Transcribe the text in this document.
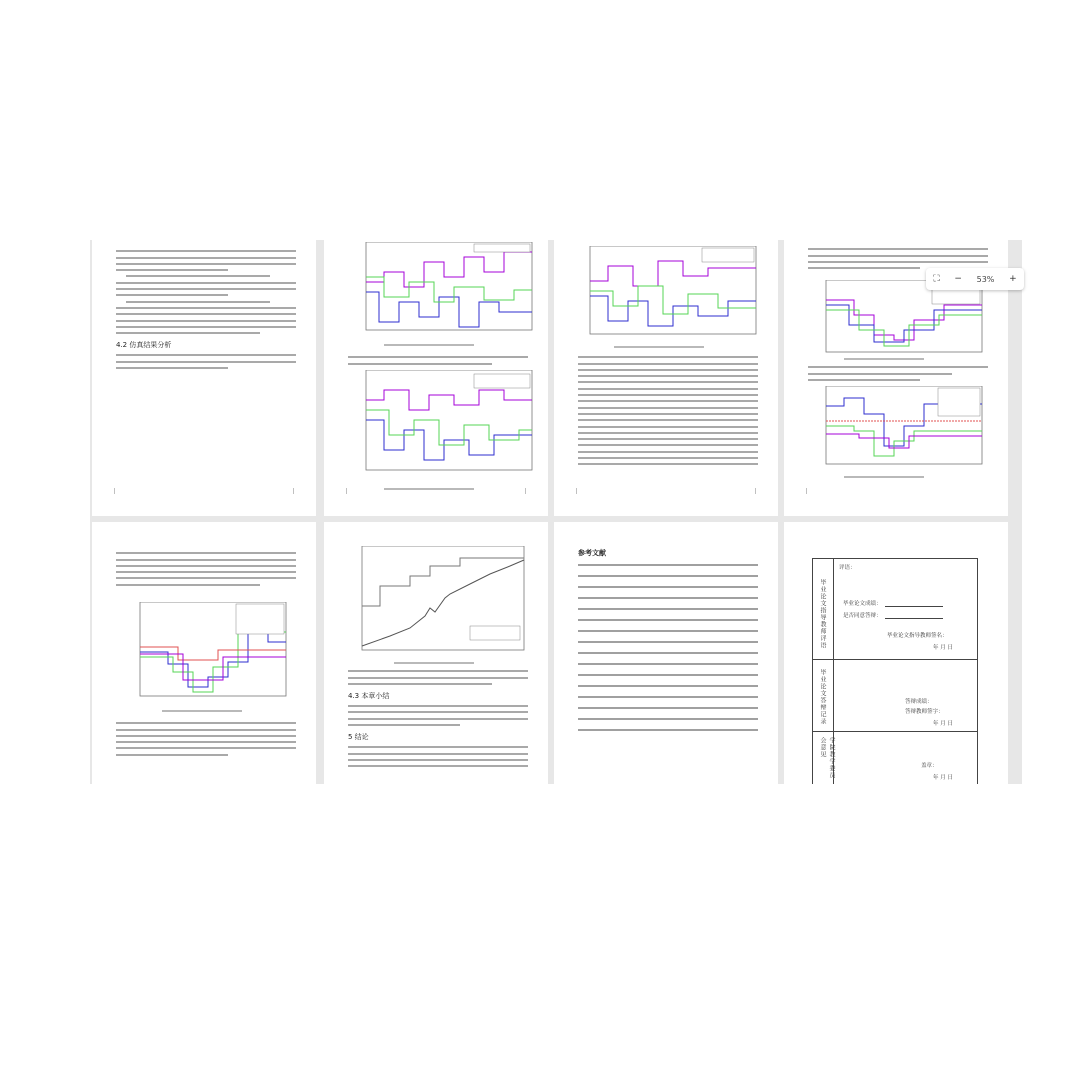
4.2 仿真结果分析
4.3 本章小结
5 结论
参考文献
毕业论文指导教师评语
评语：
毕业论文成绩：
是否同意答辩：
毕业论文指导教师签名：
年 月 日
毕业论文答辩记录	答辩成绩：
答辩教师签字：
年 月 日
学院教学委员会意见
盖章：
年 月 日
⛶ − 53% +
